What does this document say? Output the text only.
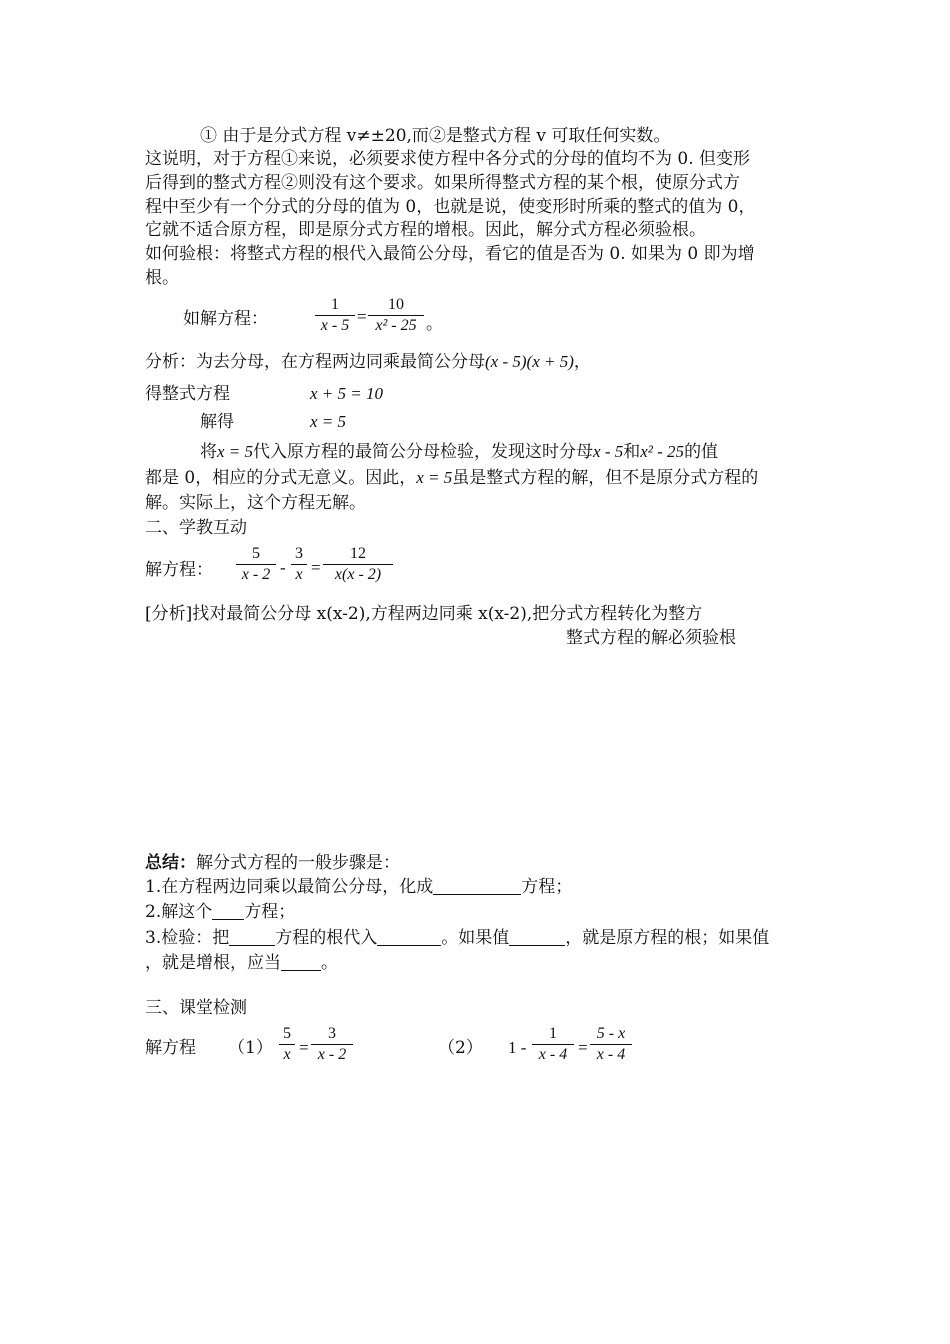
① 由于是分式方程 v≠±20,而②是整式方程 v 可取任何实数。
这说明，对于方程①来说，必须要求使方程中各分式的分母的值均不为 0. 但变形
后得到的整式方程②则没有这个要求。如果所得整式方程的某个根，使原分式方
程中至少有一个分式的分母的值为 0，也就是说，使变形时所乘的整式的值为 0，
它就不适合原方程，即是原分式方程的增根。因此，解分式方程必须验根。
如何验根：将整式方程的根代入最简公分母，看它的值是否为 0. 如果为 0 即为增
根。
如解方程：
1
x - 5 =
10
x² - 25 。
分析：为去分母，在方程两边同乘最简公分母(x - 5)(x + 5)，
得整式方程	x + 5 = 10
解得	x = 5
将x = 5代入原方程的最简公分母检验，发现这时分母x - 5和x² - 25的值
都是 0，相应的分式无意义。因此，x = 5虽是整式方程的解，但不是原分式方程的
解。实际上，这个方程无解。
二、学教互动
解方程：
5
x - 2 -
3
x =
12
x(x - 2)
[分析]找对最简公分母 x(x-2),方程两边同乘 x(x-2),把分式方程转化为整方
整式方程的解必须验根
总结：解分式方程的一般步骤是：
1.在方程两边同乘以最简公分母，化成	方程；
2.解这个 方程；
3.检验：把	方程的根代入	。如果值	，就是原方程的根；如果值
，就是增根，应当 。
三、课堂检测
解方程 （1）
5
x =
3
x - 2	（2） 1 -
1
x - 4 =
5 - x
x - 4
